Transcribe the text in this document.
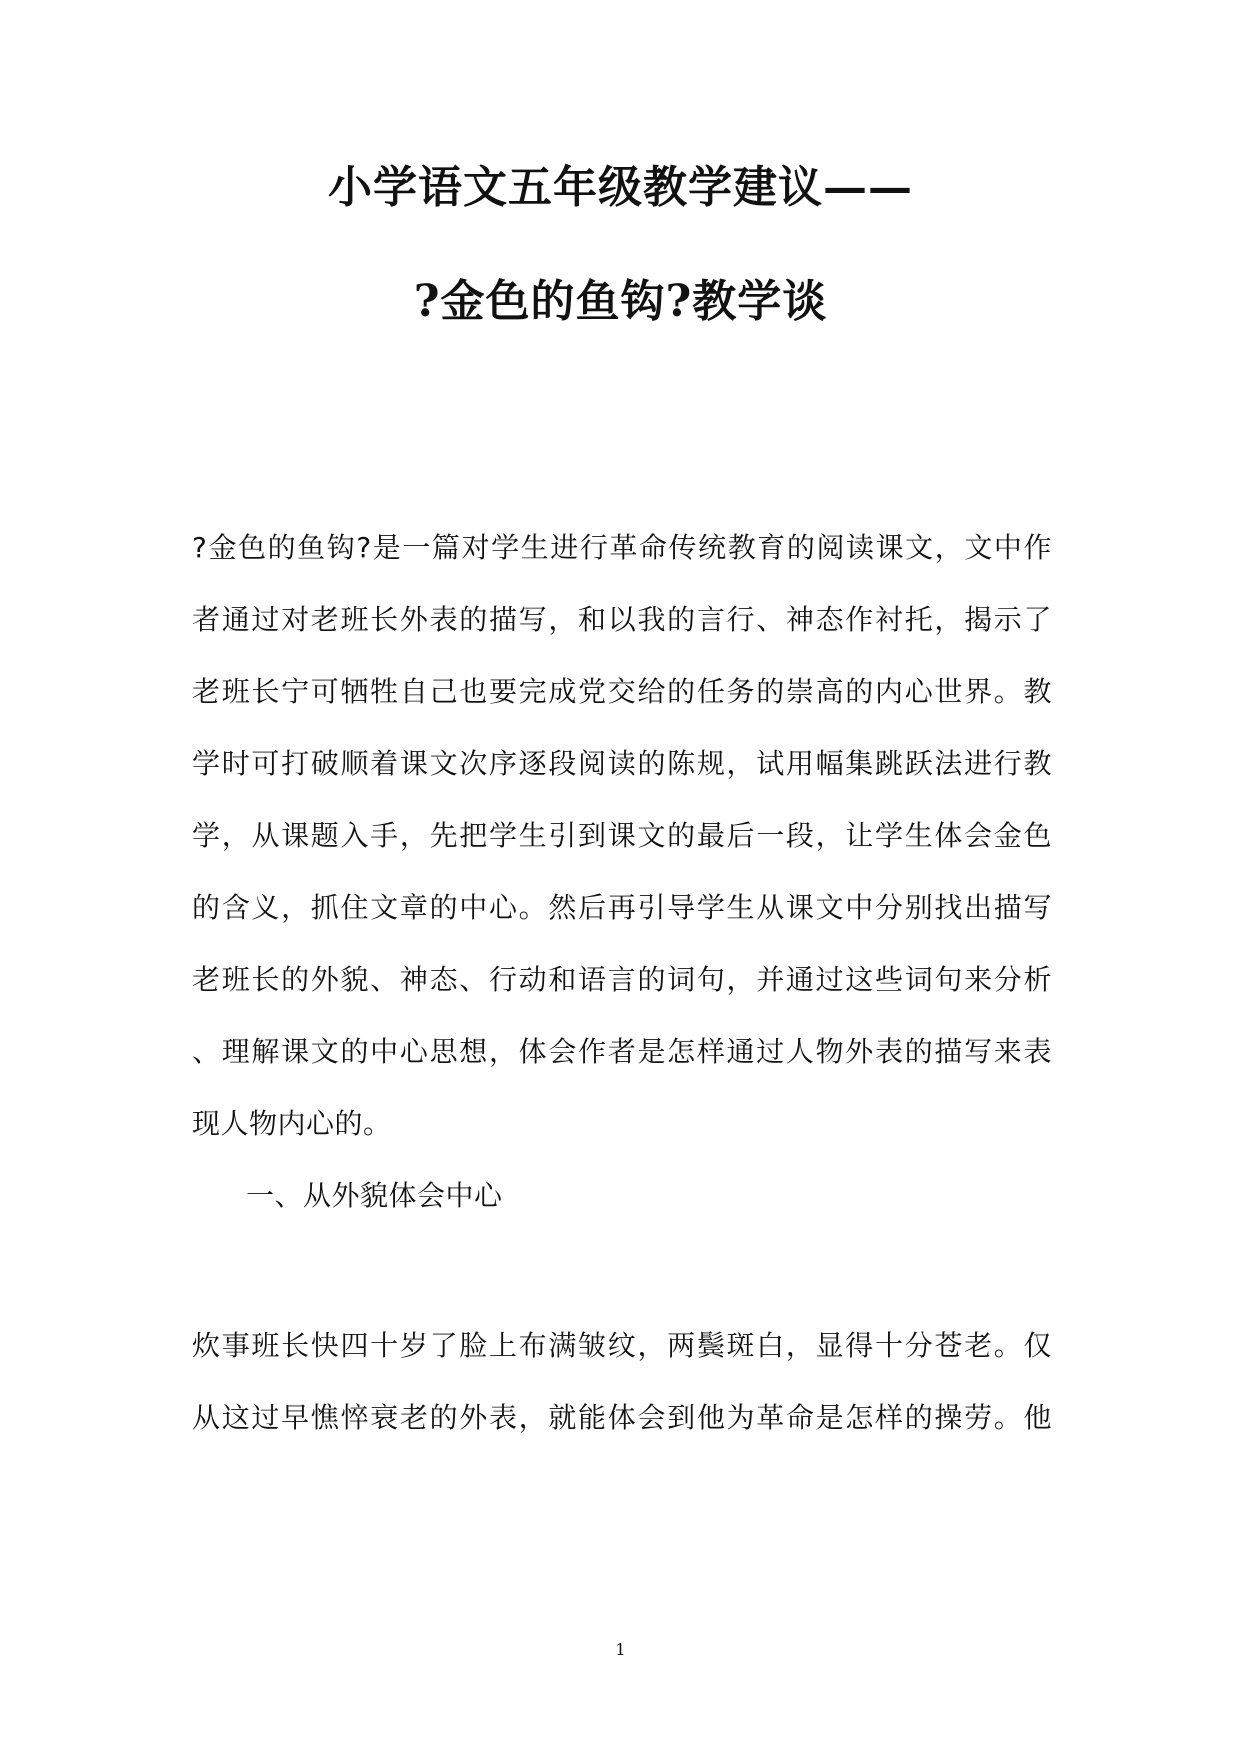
小学语文五年级教学建议——
?金色的鱼钩?教学谈
?金色的鱼钩?是一篇对学生进行革命传统教育的阅读课文，文中作
者通过对老班长外表的描写，和以我的言行、神态作衬托，揭示了
老班长宁可牺牲自己也要完成党交给的任务的崇高的内心世界。教
学时可打破顺着课文次序逐段阅读的陈规，试用幅集跳跃法进行教
学，从课题入手，先把学生引到课文的最后一段，让学生体会金色
的含义，抓住文章的中心。然后再引导学生从课文中分别找出描写
老班长的外貌、神态、行动和语言的词句，并通过这些词句来分析
、理解课文的中心思想，体会作者是怎样通过人物外表的描写来表
现人物内心的。
一、从外貌体会中心
炊事班长快四十岁了脸上布满皱纹，两鬓斑白，显得十分苍老。仅
从这过早憔悴衰老的外表，就能体会到他为革命是怎样的操劳。他
1
